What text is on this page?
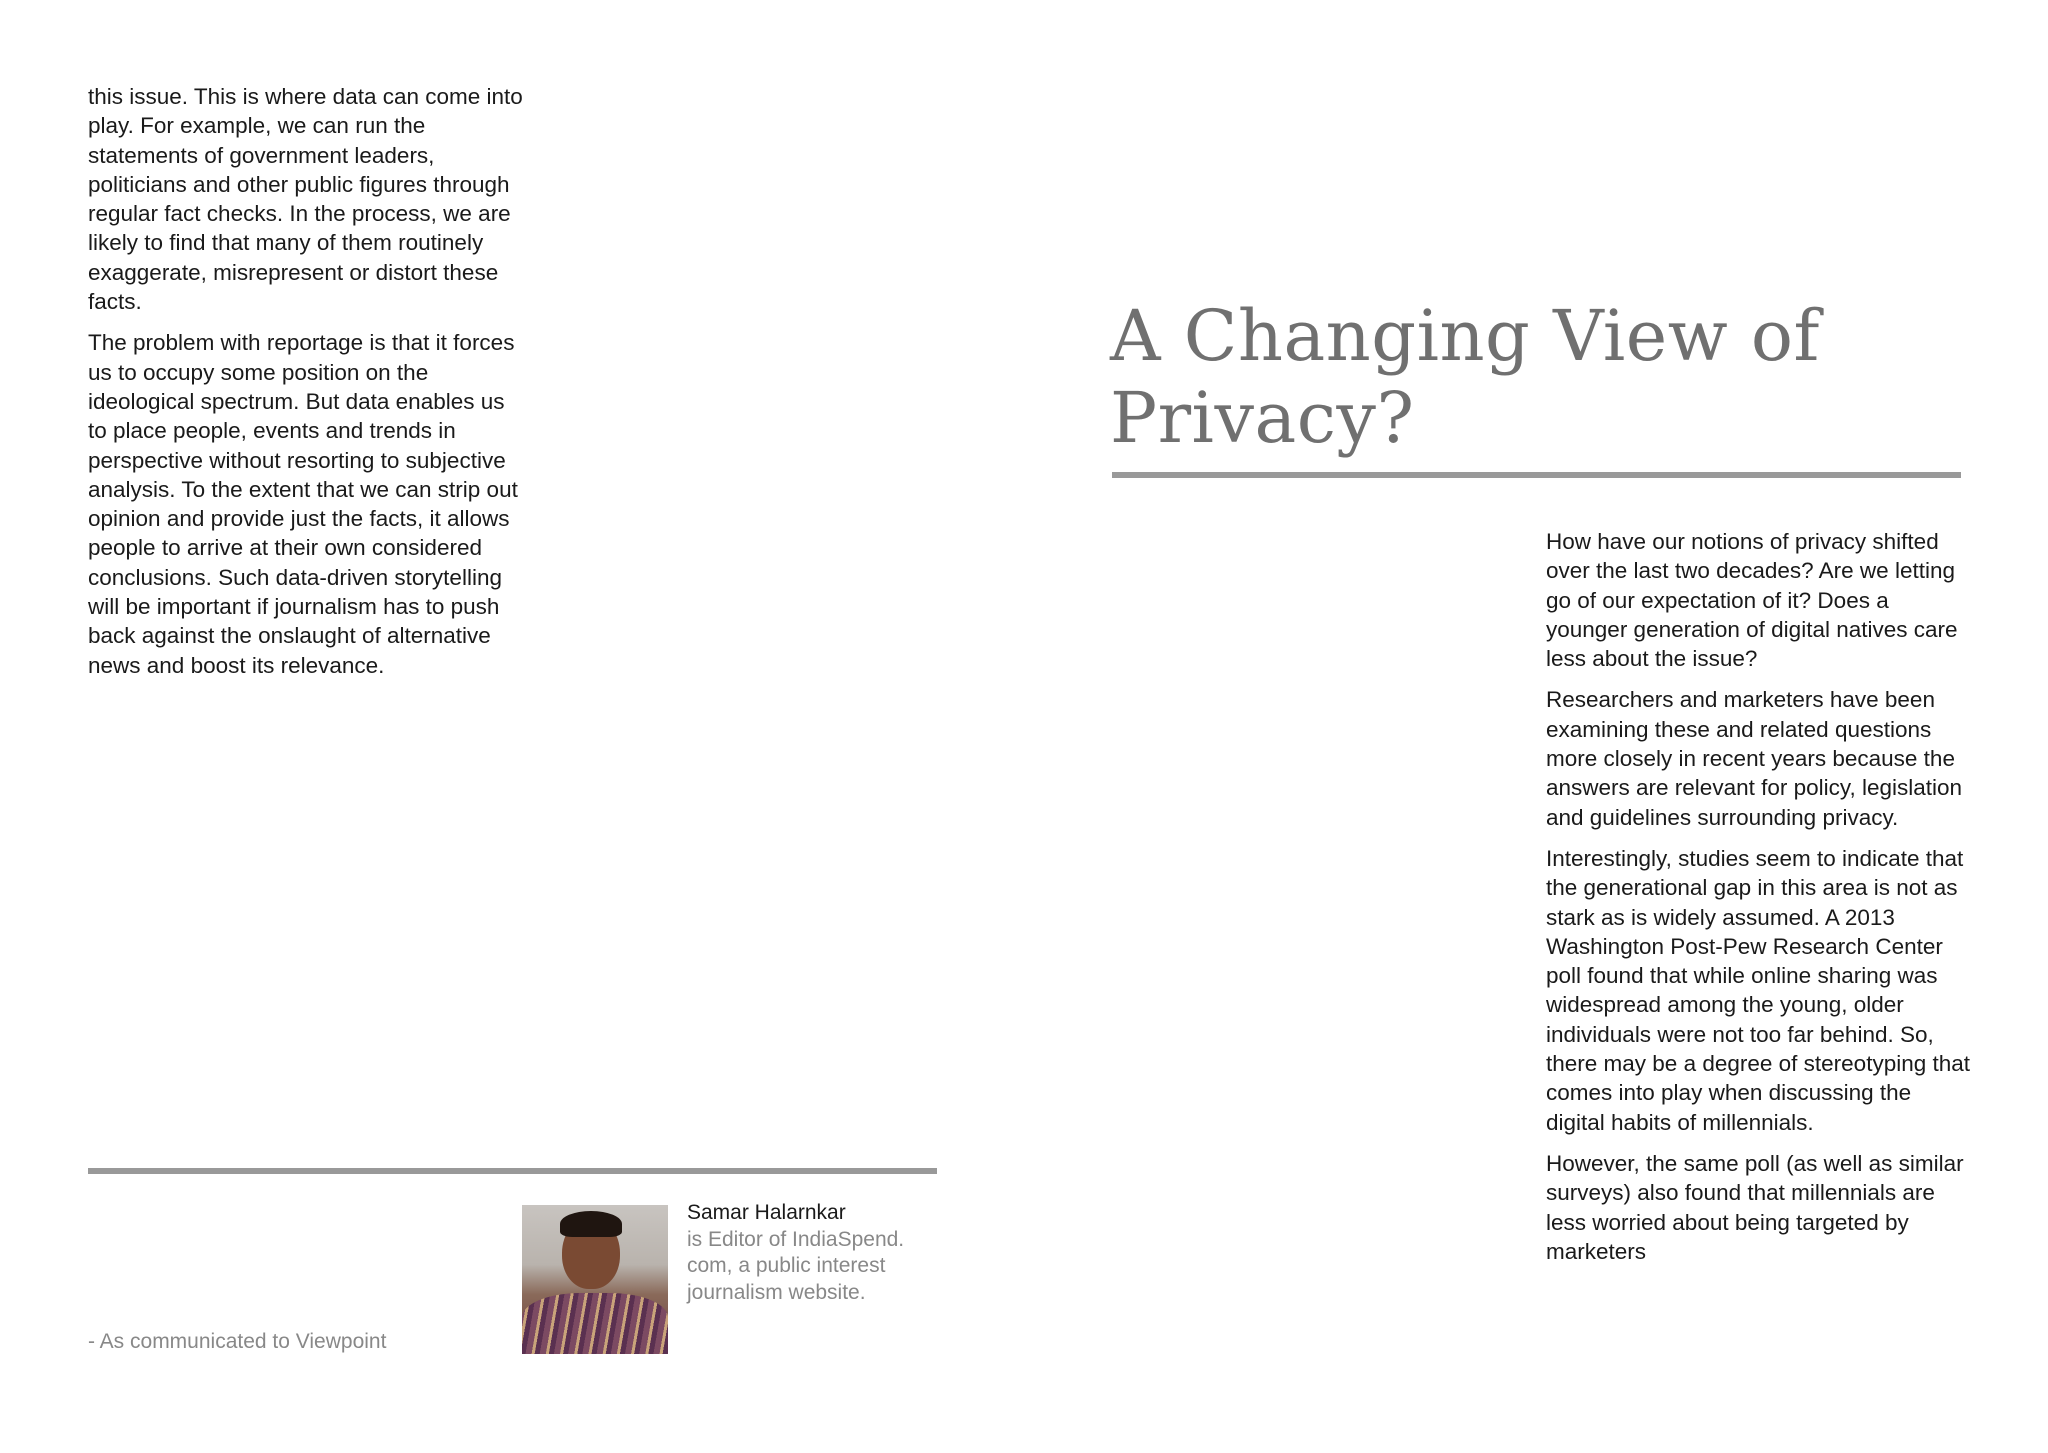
this issue. This is where data can come into play. For example, we can run the statements of government leaders, politicians and other public figures through regular fact checks. In the process, we are likely to find that many of them routinely exaggerate, misrepresent or distort these facts.

The problem with reportage is that it forces us to occupy some position on the ideological spectrum. But data enables us to place people, events and trends in perspective without resorting to subjective analysis. To the extent that we can strip out opinion and provide just the facts, it allows people to arrive at their own considered conclusions. Such data-driven storytelling will be important if journalism has to push back against the onslaught of alternative news and boost its relevance.

- As communicated to Viewpoint
Samar Halarnkar
is Editor of IndiaSpend. com, a public interest journalism website.
A Changing View of Privacy?

How have our notions of privacy shifted over the last two decades? Are we letting go of our expectation of it? Does a younger generation of digital natives care less about the issue?

Researchers and marketers have been examining these and related questions more closely in recent years because the answers are relevant for policy, legislation and guidelines surrounding privacy.

Interestingly, studies seem to indicate that the generational gap in this area is not as stark as is widely assumed. A 2013 Washington Post-Pew Research Center poll found that while online sharing was widespread among the young, older individuals were not too far behind. So, there may be a degree of stereotyping that comes into play when discussing the digital habits of millennials.

However, the same poll (as well as similar surveys) also found that millennials are less worried about being targeted by marketers
